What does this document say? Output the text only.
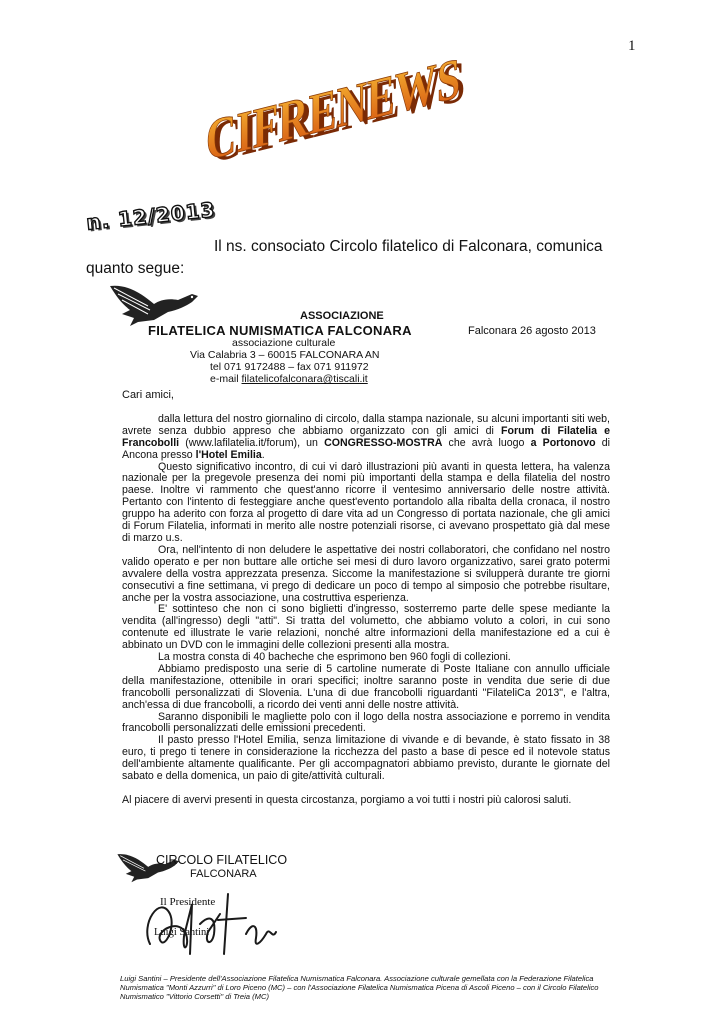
1
CIFRENEWS
CIFRENEWS
n. 12/2013
Il ns. consociato Circolo filatelico di Falconara, comunica quanto segue:
ASSOCIAZIONE
FILATELICA NUMISMATICA FALCONARA
associazione culturale
Via Calabria 3 – 60015 FALCONARA AN
tel 071 9172488 – fax 071 911972
e-mail filatelicofalconara@tiscali.it
Falconara 26 agosto 2013

Cari amici,

dalla lettura del nostro giornalino di circolo, dalla stampa nazionale, su alcuni importanti siti web, avrete senza dubbio appreso che abbiamo organizzato con gli amici di Forum di Filatelia e Francobolli (www.lafilatelia.it/forum), un CONGRESSO-MOSTRA che avrà luogo a Portonovo di Ancona presso l'Hotel Emilia.

Questo significativo incontro, di cui vi darò illustrazioni più avanti in questa lettera, ha valenza nazionale per la pregevole presenza dei nomi più importanti della stampa e della filatelia del nostro paese. Inoltre vi rammento che quest'anno ricorre il ventesimo anniversario delle nostre attività. Pertanto con l'intento di festeggiare anche quest'evento portandolo alla ribalta della cronaca, il nostro gruppo ha aderito con forza al progetto di dare vita ad un Congresso di portata nazionale, che gli amici di Forum Filatelia, informati in merito alle nostre potenziali risorse, ci avevano prospettato già dal mese di marzo u.s.

Ora, nell'intento di non deludere le aspettative dei nostri collaboratori, che confidano nel nostro valido operato e per non buttare alle ortiche sei mesi di duro lavoro organizzativo, sarei grato potermi avvalere della vostra apprezzata presenza. Siccome la manifestazione si svilupperà durante tre giorni consecutivi a fine settimana, vi prego di dedicare un poco di tempo al simposio che potrebbe risultare, anche per la vostra associazione, una costruttiva esperienza.

E' sottinteso che non ci sono biglietti d'ingresso, sosterremo parte delle spese mediante la vendita (all'ingresso) degli "atti". Si tratta del volumetto, che abbiamo voluto a colori, in cui sono contenute ed illustrate le varie relazioni, nonché altre informazioni della manifestazione ed a cui è abbinato un DVD con le immagini delle collezioni presenti alla mostra.

La mostra consta di 40 bacheche che esprimono ben 960 fogli di collezioni.

Abbiamo predisposto una serie di 5 cartoline numerate di Poste Italiane con annullo ufficiale della manifestazione, ottenibile in orari specifici; inoltre saranno poste in vendita due serie di due francobolli personalizzati di Slovenia. L'una di due francobolli riguardanti "FilateliCa 2013", e l'altra, anch'essa di due francobolli, a ricordo dei venti anni delle nostre attività.

Saranno disponibili le magliette polo con il logo della nostra associazione e porremo in vendita francobolli personalizzati delle emissioni precedenti.

Il pasto presso l'Hotel Emilia, senza limitazione di vivande e di bevande, è stato fissato in 38 euro, ti prego ti tenere in considerazione la ricchezza del pasto a base di pesce ed il notevole status dell'ambiente altamente qualificante. Per gli accompagnatori abbiamo previsto, durante le giornate del sabato e della domenica, un paio di gite/attività culturali.

Al piacere di avervi presenti in questa circostanza, porgiamo a voi tutti i nostri più calorosi saluti.

CIRCOLO FILATELICO
FALCONARA
Il Presidente
Luigi Santini
Luigi Santini – Presidente dell'Associazione Filatelica Numismatica Falconara. Associazione culturale gemellata con la Federazione Filatelica Numismatica "Monti Azzurri" di Loro Piceno (MC) – con l'Associazione Filatelica Numismatica Picena di Ascoli Piceno – con il Circolo Filatelico Numismatico "Vittorio Corsetti" di Treia (MC)
